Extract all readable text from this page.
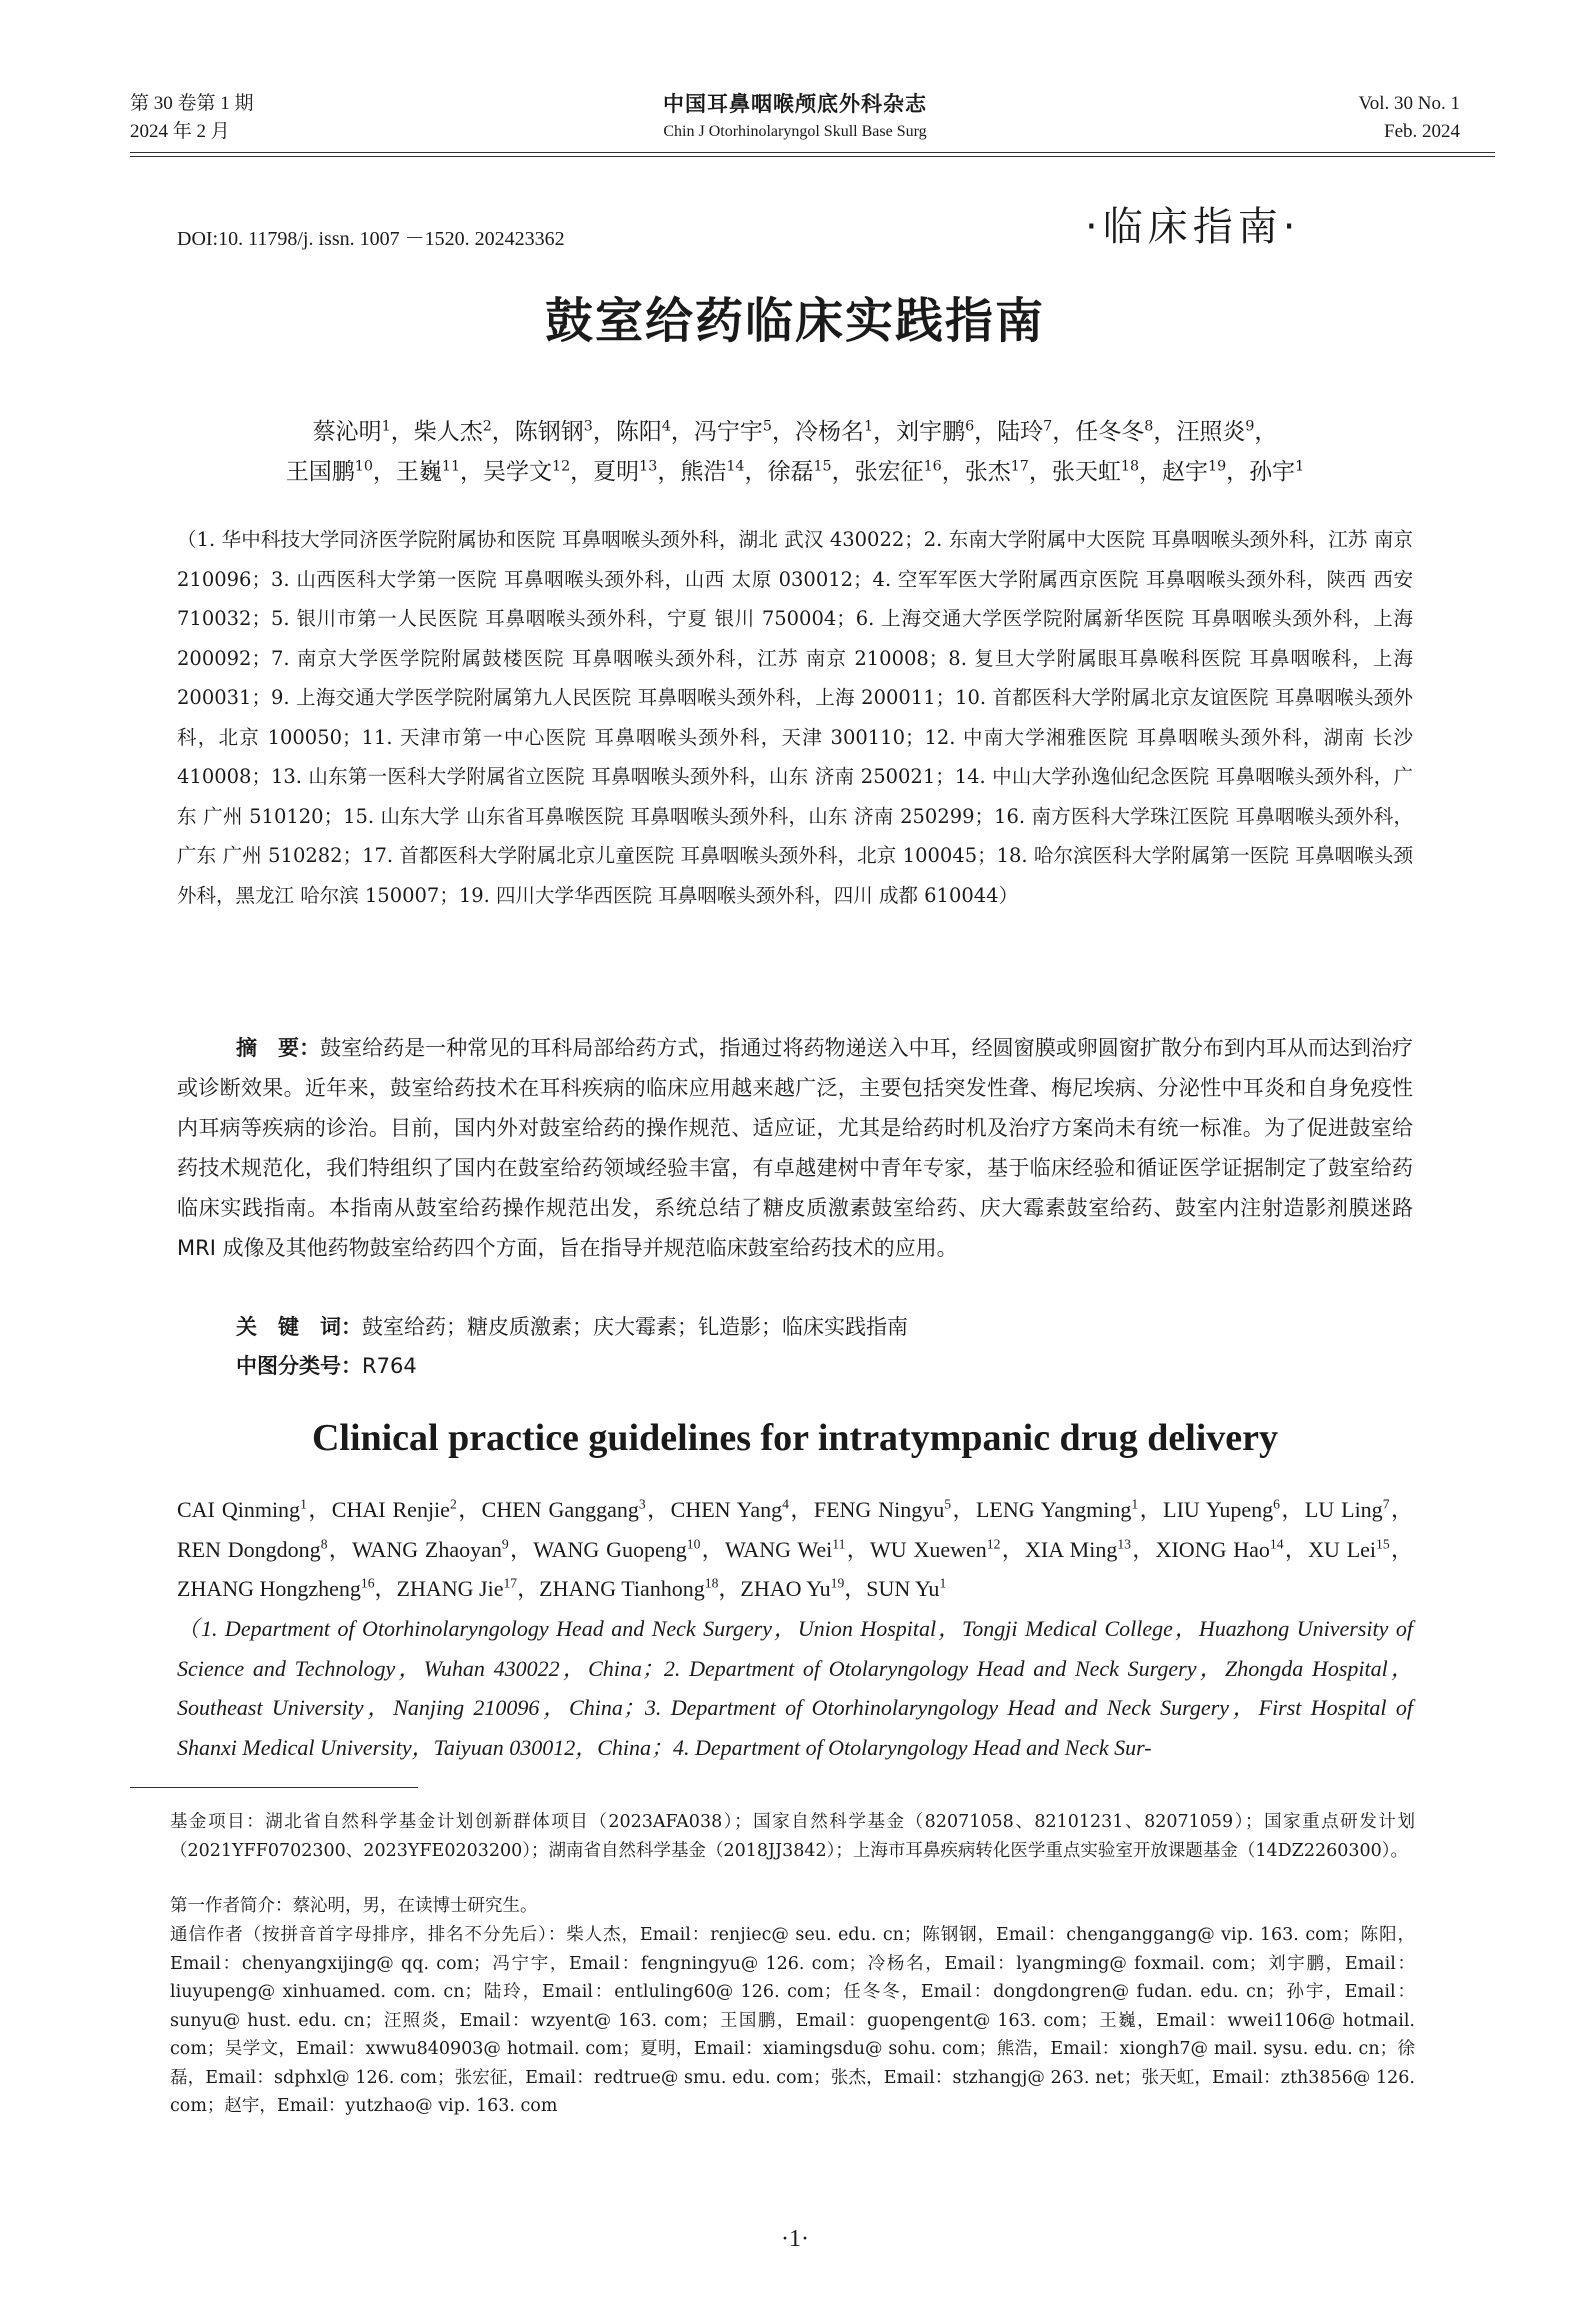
第 30 卷第 1 期
2024 年 2 月
中国耳鼻咽喉颅底外科杂志
Chin J Otorhinolaryngol Skull Base Surg
Vol. 30 No. 1
Feb. 2024
DOI:10. 11798/j. issn. 1007 －1520. 202423362	·临床指南·
鼓室给药临床实践指南
蔡沁明$^1$，柴人杰$^2$，陈钢钢$^3$，陈阳$^4$，冯宁宇$^5$，冷杨名$^1$，刘宇鹏$^6$，陆玲$^7$，任冬冬$^8$，汪照炎$^9$，
王国鹏$^{10}$，王巍$^{11}$，吴学文$^{12}$，夏明$^{13}$，熊浩$^{14}$，徐磊$^{15}$，张宏征$^{16}$，张杰$^{17}$，张天虹$^{18}$，赵宇$^{19}$，孙宇$^1$
（1. 华中科技大学同济医学院附属协和医院 耳鼻咽喉头颈外科，湖北 武汉 430022；2. 东南大学附属中大医院 耳鼻咽喉头颈外科，江苏 南京 210096；3. 山西医科大学第一医院 耳鼻咽喉头颈外科，山西 太原 030012；4. 空军军医大学附属西京医院 耳鼻咽喉头颈外科，陕西 西安 710032；5. 银川市第一人民医院 耳鼻咽喉头颈外科，宁夏 银川 750004；6. 上海交通大学医学院附属新华医院 耳鼻咽喉头颈外科，上海 200092；7. 南京大学医学院附属鼓楼医院 耳鼻咽喉头颈外科，江苏 南京 210008；8. 复旦大学附属眼耳鼻喉科医院 耳鼻咽喉科，上海 200031；9. 上海交通大学医学院附属第九人民医院 耳鼻咽喉头颈外科，上海 200011；10. 首都医科大学附属北京友谊医院 耳鼻咽喉头颈外科，北京 100050；11. 天津市第一中心医院 耳鼻咽喉头颈外科，天津 300110；12. 中南大学湘雅医院 耳鼻咽喉头颈外科，湖南 长沙 410008；13. 山东第一医科大学附属省立医院 耳鼻咽喉头颈外科，山东 济南 250021；14. 中山大学孙逸仙纪念医院 耳鼻咽喉头颈外科，广东 广州 510120；15. 山东大学 山东省耳鼻喉医院 耳鼻咽喉头颈外科，山东 济南 250299；16. 南方医科大学珠江医院 耳鼻咽喉头颈外科，广东 广州 510282；17. 首都医科大学附属北京儿童医院 耳鼻咽喉头颈外科，北京 100045；18. 哈尔滨医科大学附属第一医院 耳鼻咽喉头颈外科，黑龙江 哈尔滨 150007；19. 四川大学华西医院 耳鼻咽喉头颈外科，四川 成都 610044）
摘　要：鼓室给药是一种常见的耳科局部给药方式，指通过将药物递送入中耳，经圆窗膜或卵圆窗扩散分布到内耳从而达到治疗或诊断效果。近年来，鼓室给药技术在耳科疾病的临床应用越来越广泛，主要包括突发性聋、梅尼埃病、分泌性中耳炎和自身免疫性内耳病等疾病的诊治。目前，国内外对鼓室给药的操作规范、适应证，尤其是给药时机及治疗方案尚未有统一标准。为了促进鼓室给药技术规范化，我们特组织了国内在鼓室给药领域经验丰富，有卓越建树中青年专家，基于临床经验和循证医学证据制定了鼓室给药临床实践指南。本指南从鼓室给药操作规范出发，系统总结了糖皮质激素鼓室给药、庆大霉素鼓室给药、鼓室内注射造影剂膜迷路 MRI 成像及其他药物鼓室给药四个方面，旨在指导并规范临床鼓室给药技术的应用。
关　键　词：鼓室给药；糖皮质激素；庆大霉素；钆造影；临床实践指南
中图分类号：R764
Clinical practice guidelines for intratympanic drug delivery
CAI Qinming$^1$，CHAI Renjie$^2$，CHEN Ganggang$^3$，CHEN Yang$^4$，FENG Ningyu$^5$，LENG Yangming$^1$，LIU Yupeng$^6$，LU Ling$^7$，REN Dongdong$^8$，WANG Zhaoyan$^9$，WANG Guopeng$^{10}$，WANG Wei$^{11}$，WU Xuewen$^{12}$，XIA Ming$^{13}$，XIONG Hao$^{14}$，XU Lei$^{15}$，ZHANG Hongzheng$^{16}$，ZHANG Jie$^{17}$，ZHANG Tianhong$^{18}$，ZHAO Yu$^{19}$，SUN Yu$^1$
（1. Department of Otorhinolaryngology Head and Neck Surgery，Union Hospital，Tongji Medical College，Huazhong University of Science and Technology，Wuhan 430022，China；2. Department of Otolaryngology Head and Neck Surgery，Zhongda Hospital，Southeast University，Nanjing 210096，China；3. Department of Otorhinolaryngology Head and Neck Surgery，First Hospital of Shanxi Medical University，Taiyuan 030012，China；4. Department of Otolaryngology Head and Neck Sur-
基金项目：湖北省自然科学基金计划创新群体项目（2023AFA038）；国家自然科学基金（82071058、82101231、82071059）；国家重点研发计划（2021YFF0702300、2023YFE0203200）；湖南省自然科学基金（2018JJ3842）；上海市耳鼻疾病转化医学重点实验室开放课题基金（14DZ2260300）。
第一作者简介：蔡沁明，男，在读博士研究生。
通信作者（按拼音首字母排序，排名不分先后）：柴人杰，Email：renjiec@ seu. edu. cn；陈钢钢，Email：chenganggang@ vip. 163. com；陈阳，Email：chenyangxijing@ qq. com；冯宁宇，Email：fengningyu@ 126. com；冷杨名，Email：lyangming@ foxmail. com；刘宇鹏，Email：liuyupeng@ xinhuamed. com. cn；陆玲，Email：entluling60@ 126. com；任冬冬，Email：dongdongren@ fudan. edu. cn；孙宇，Email：sunyu@ hust. edu. cn；汪照炎，Email：wzyent@ 163. com；王国鹏，Email：guopengent@ 163. com；王巍，Email：wwei1106@ hotmail. com；吴学文，Email：xwwu840903@ hotmail. com；夏明，Email：xiamingsdu@ sohu. com；熊浩，Email：xiongh7@ mail. sysu. edu. cn；徐磊，Email：sdphxl@ 126. com；张宏征，Email：redtrue@ smu. edu. com；张杰，Email：stzhangj@ 263. net；张天虹，Email：zth3856@ 126. com；赵宇，Email：yutzhao@ vip. 163. com
·1·
